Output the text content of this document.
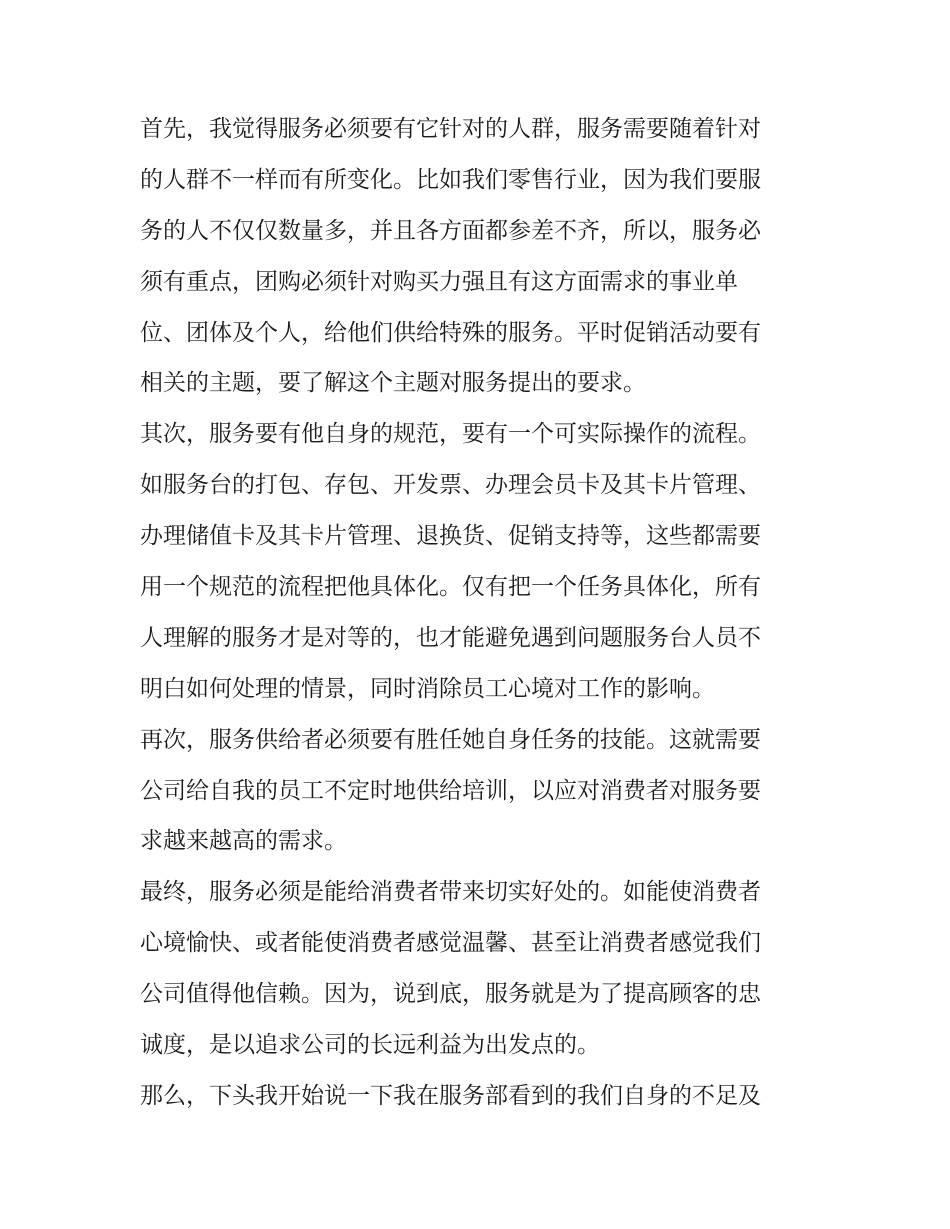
首先，我觉得服务必须要有它针对的人群，服务需要随着针对
的人群不一样而有所变化。比如我们零售行业，因为我们要服
务的人不仅仅数量多，并且各方面都参差不齐，所以，服务必
须有重点，团购必须针对购买力强且有这方面需求的事业单
位、团体及个人，给他们供给特殊的服务。平时促销活动要有
相关的主题，要了解这个主题对服务提出的要求。
其次，服务要有他自身的规范，要有一个可实际操作的流程。
如服务台的打包、存包、开发票、办理会员卡及其卡片管理、
办理储值卡及其卡片管理、退换货、促销支持等，这些都需要
用一个规范的流程把他具体化。仅有把一个任务具体化，所有
人理解的服务才是对等的，也才能避免遇到问题服务台人员不
明白如何处理的情景，同时消除员工心境对工作的影响。
再次，服务供给者必须要有胜任她自身任务的技能。这就需要
公司给自我的员工不定时地供给培训，以应对消费者对服务要
求越来越高的需求。
最终，服务必须是能给消费者带来切实好处的。如能使消费者
心境愉快、或者能使消费者感觉温馨、甚至让消费者感觉我们
公司值得他信赖。因为，说到底，服务就是为了提高顾客的忠
诚度，是以追求公司的长远利益为出发点的。
那么，下头我开始说一下我在服务部看到的我们自身的不足及
